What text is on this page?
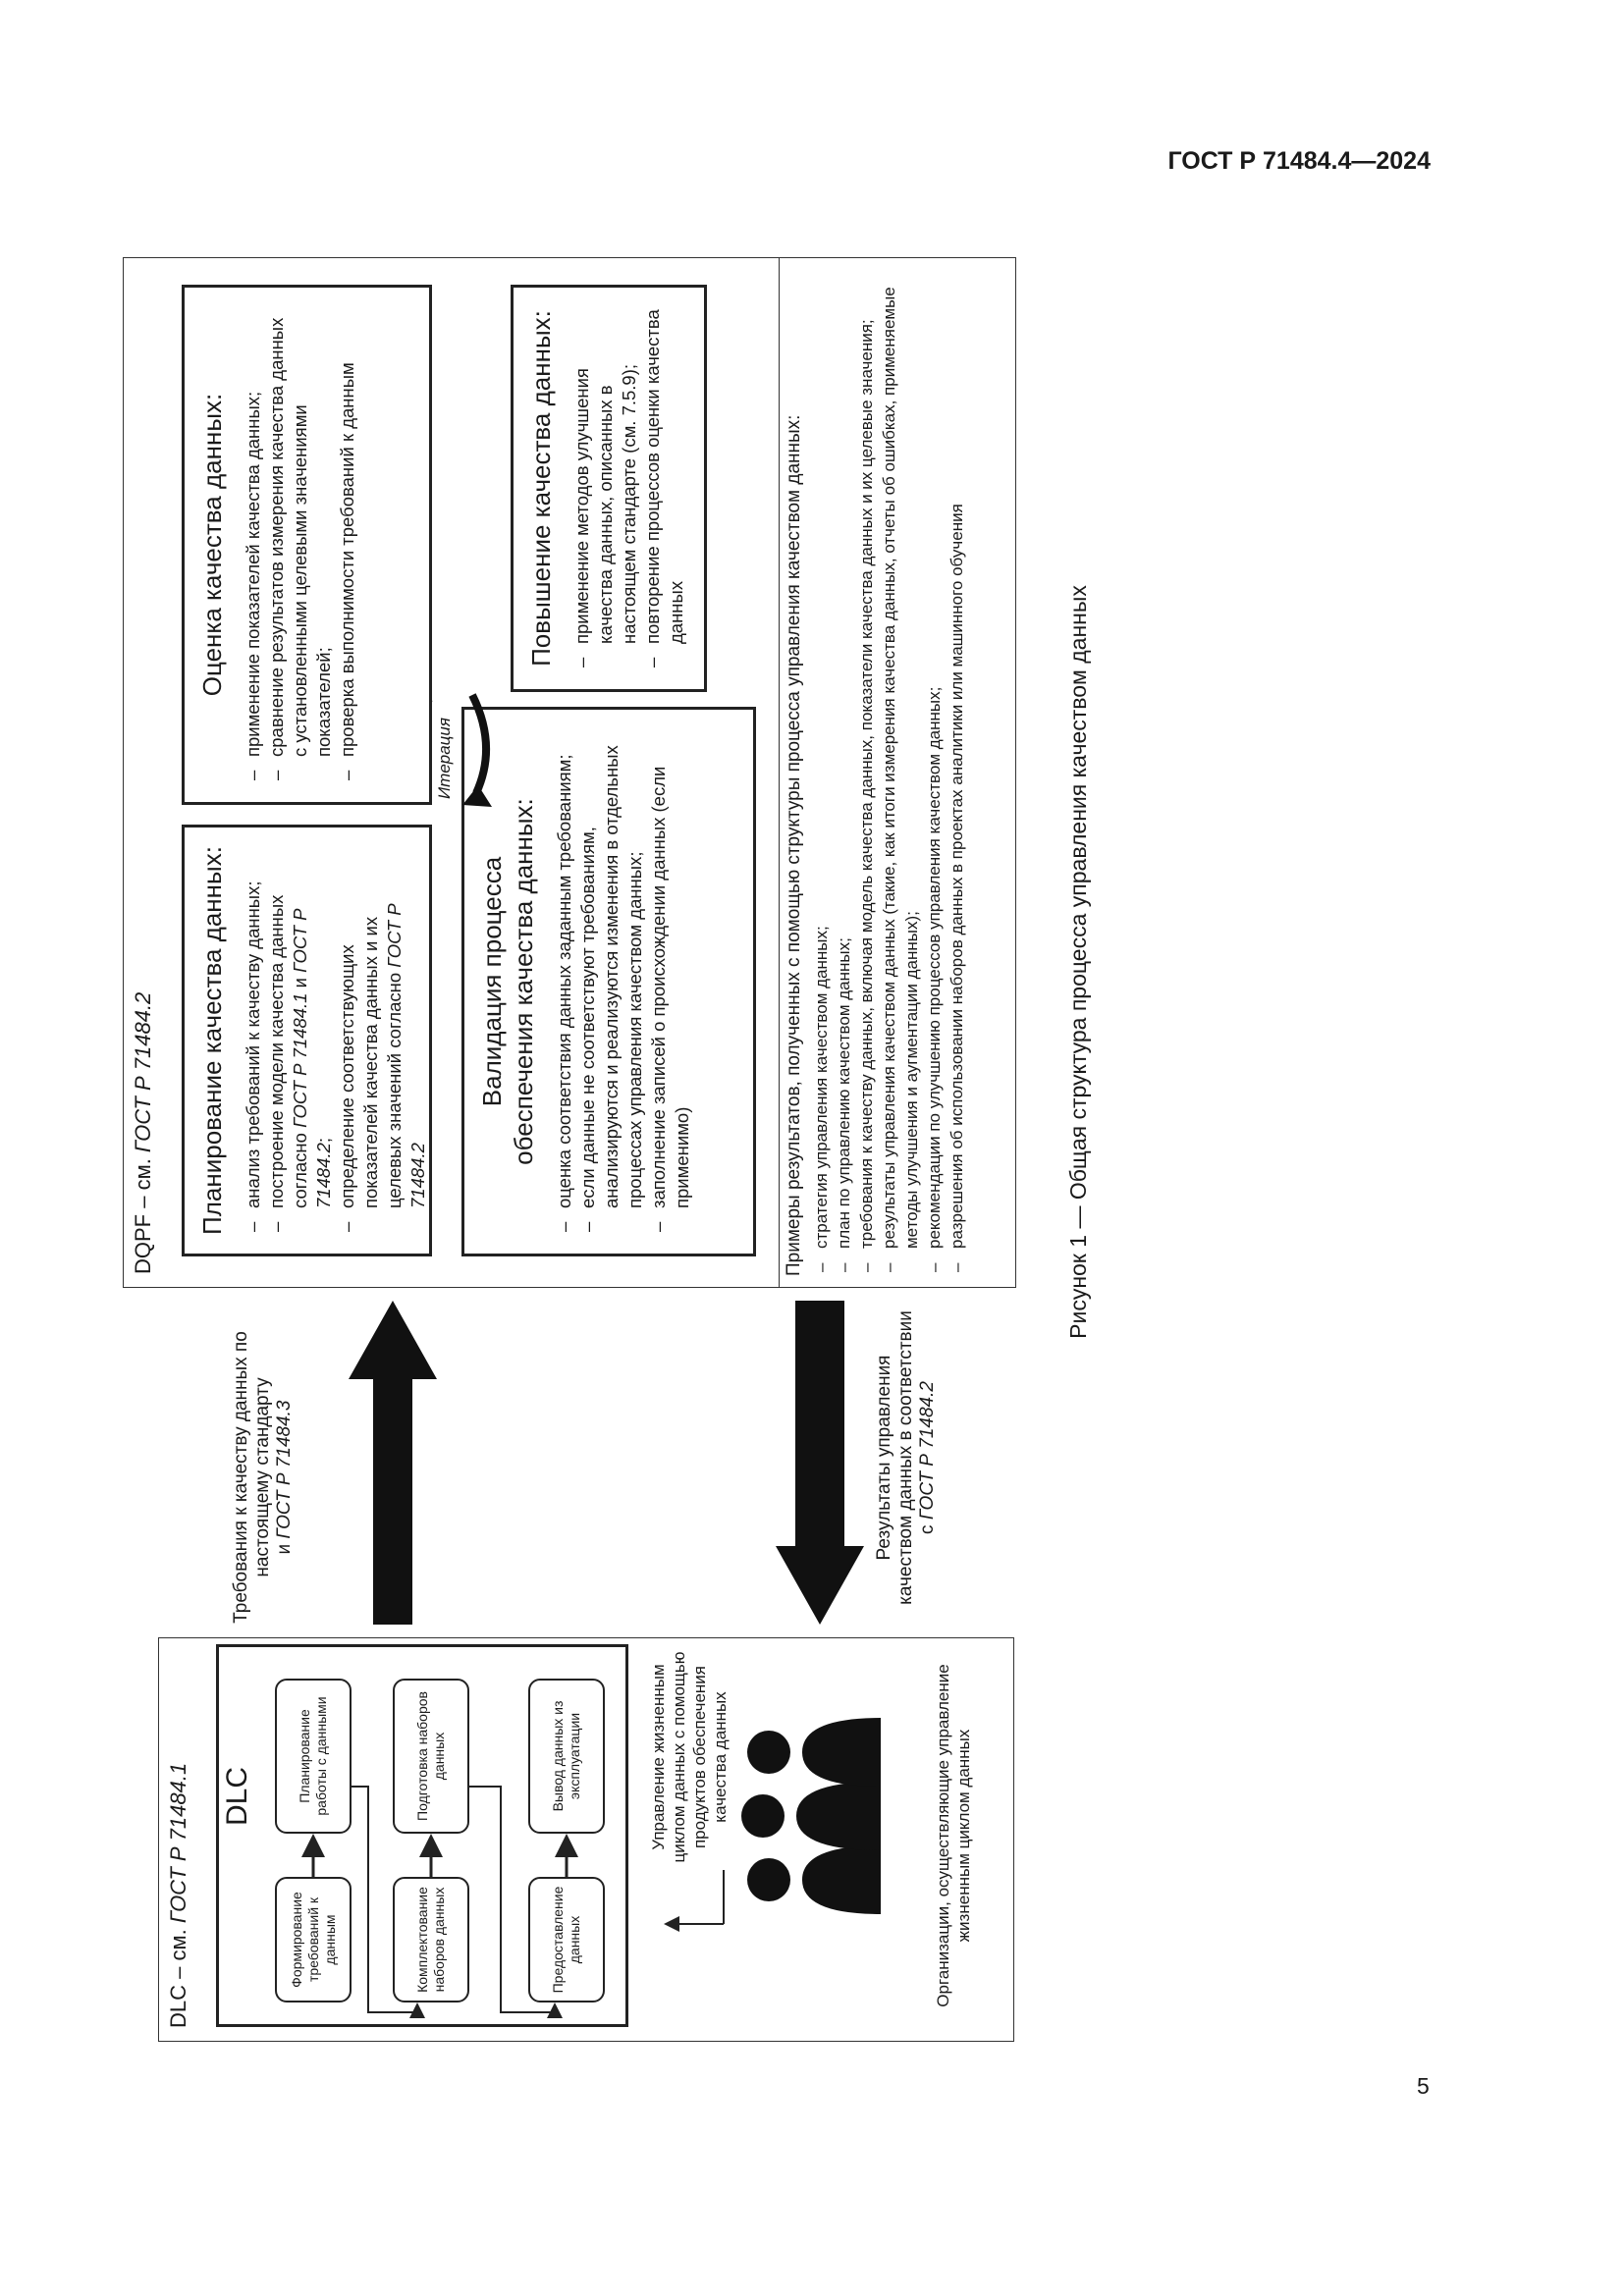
ГОСТ Р 71484.4—2024
5
Рисунок 1 — Общая структура процесса управления качеством данных
DLC – см. ГОСТ Р 71484.1 DLC
Формирование требований к данным
Планирование работы с данными
Комплектование наборов данных
Подготовка наборов данных
Предоставление данных
Вывод данных из эксплуатации	Управление жизненным циклом данных с помощью продуктов обеспечения качества данных	Организации, осуществляющие управление жизненным циклом данных
Требования к качеству данных по настоящему стандарту
и ГОСТ Р 71484.3	Результаты управления качеством данных в соответствии
с ГОСТ Р 71484.2
DQPF – см. ГОСТ Р 71484.2 Планирование качества данных: – анализ требований к качеству данных; – построение модели качества данных согласно ГОСТ Р 71484.1 и ГОСТ Р 71484.2; – определение соответствующих показателей качества данных и их целевых значений согласно ГОСТ Р 71484.2
Валидация процесса обеспечения качества данных: – оценка соответствия данных заданным требованиям; – если данные не соответствуют требованиям, анализируются и реализуются изменения в отдельных процессах управления качеством данных; – заполнение записей о происхождении данных (если применимо)
Итерация
Оценка качества данных: – применение показателей качества данных; – сравнение результатов измерения качества данных с установленными целевыми значениями показателей; – проверка выполнимости требований к данным	Повышение качества данных: – применение методов улучшения качества данных, описанных в настоящем стандарте (см. 7.5.9); – повторение процессов оценки качества данных	Примеры результатов, полученных с помощью структуры процесса управления качеством данных: – стратегия управления качеством данных; – план по управлению качеством данных; – требования к качеству данных, включая модель качества данных, показатели качества данных и их целевые значения; – результаты управления качеством данных (такие, как итоги измерения качества данных, отчеты об ошибках, применяемые методы улучшения и аугментации данных); – рекомендации по улучшению процессов управления качеством данных; – разрешения об использовании наборов данных в проектах аналитики или машинного обучения
